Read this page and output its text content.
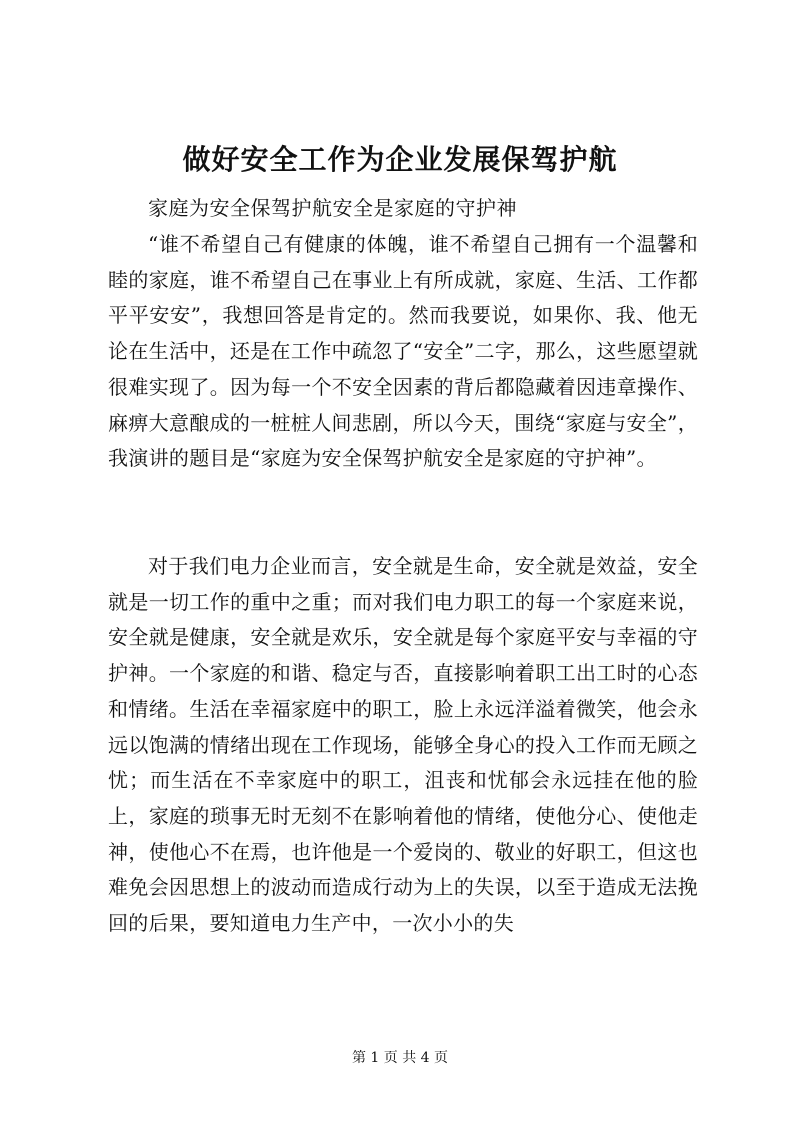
做好安全工作为企业发展保驾护航
家庭为安全保驾护航安全是家庭的守护神

“谁不希望自己有健康的体魄，谁不希望自己拥有一个温馨和睦的家庭，谁不希望自己在事业上有所成就，家庭、生活、工作都平平安安”，我想回答是肯定的。然而我要说，如果你、我、他无论在生活中，还是在工作中疏忽了“安全”二字，那么，这些愿望就很难实现了。因为每一个不安全因素的背后都隐藏着因违章操作、麻痹大意酿成的一桩桩人间悲剧，所以今天，围绕“家庭与安全”，我演讲的题目是“家庭为安全保驾护航安全是家庭的守护神”。

对于我们电力企业而言，安全就是生命，安全就是效益，安全就是一切工作的重中之重；而对我们电力职工的每一个家庭来说，安全就是健康，安全就是欢乐，安全就是每个家庭平安与幸福的守护神。一个家庭的和谐、稳定与否，直接影响着职工出工时的心态和情绪。生活在幸福家庭中的职工，脸上永远洋溢着微笑，他会永远以饱满的情绪出现在工作现场，能够全身心的投入工作而无顾之忧；而生活在不幸家庭中的职工，沮丧和忧郁会永远挂在他的脸上，家庭的琐事无时无刻不在影响着他的情绪，使他分心、使他走神，使他心不在焉，也许他是一个爱岗的、敬业的好职工，但这也难免会因思想上的波动而造成行动为上的失误，以至于造成无法挽回的后果，要知道电力生产中，一次小小的失

第 1 页 共 4 页
